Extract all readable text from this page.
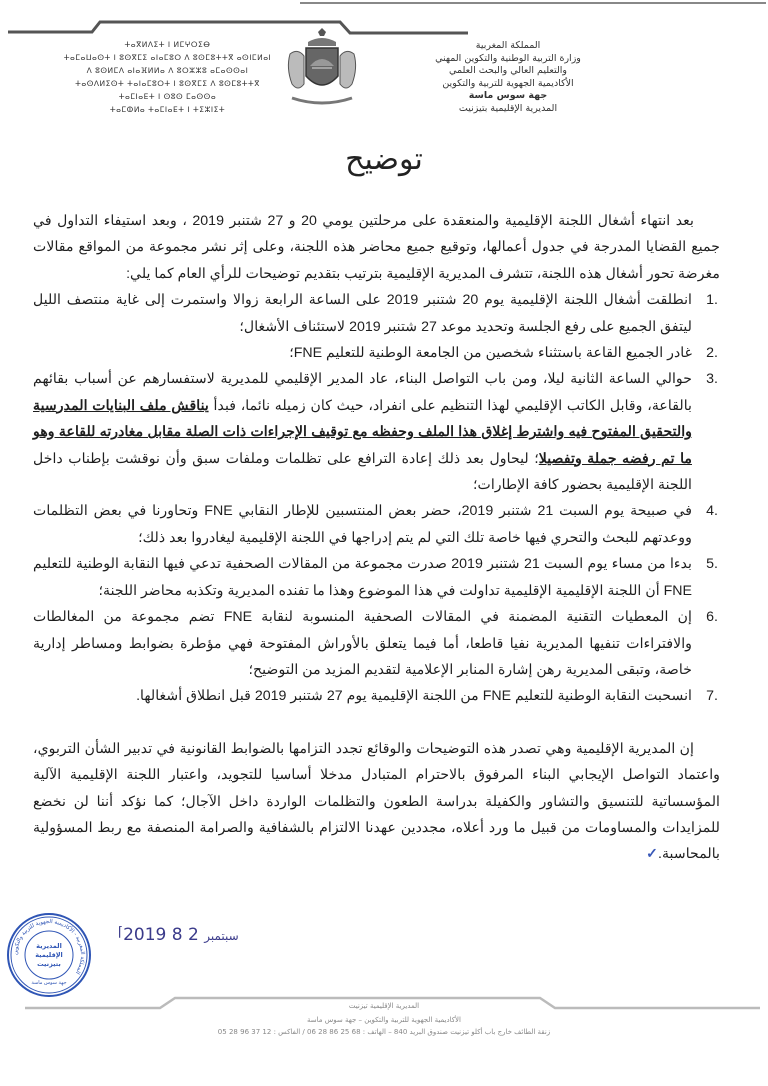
المملكة المغربية
وزارة التربية الوطنية والتكوين المهني
والتعليم العالي والبحث العلمي
الأكاديمية الجهوية للتربية والتكوين
جهة سوس ماسة
المديرية الإقليمية بتيزنيت
ⵜⴰⴳⵍⴷⵉⵜ ⵏ ⵍⵎⵖⵔⵉⴱ
ⵜⴰⵎⴰⵡⴰⵙⵜ ⵏ ⵓⵙⴳⵎⵉ ⴰⵏⴰⵎⵓⵔ ⴷ ⵓⵙⵎⵓⵜⵜⴳ ⴰⵙⵏⵎⵍⴰⵏ
ⴷ ⵓⵙⵍⵎⴷ ⴰⵏⴰⴼⵍⵍⴰ ⴷ ⵓⵔⵣⵣⵓ ⴰⵎⴰⵙⵙⴰⵏ
ⵜⴰⵙⴷⵍⵉⵙⵜ ⵜⴰⵏⴰⵎⵓⵔⵜ ⵏ ⵓⵙⴳⵎⵉ ⴷ ⵓⵙⵎⵓⵜⵜⴳ
ⵜⴰⵎⵏⴰⴹⵜ ⵏ ⵙⵓⵙ ⵎⴰⵙⵙⴰ
ⵜⴰⵎⵀⵍⴰ ⵜⴰⵎⵏⴰⴹⵜ ⵏ ⵜⵉⵣⵏⵉⵜ
توضيح

بعد انتهاء أشغال اللجنة الإقليمية والمنعقدة على مرحلتين يومي 20 و 27 شتنبر 2019 ، وبعد استيفاء التداول في جميع القضايا المدرجة في جدول أعمالها، وتوقيع جميع محاضر هذه اللجنة، وعلى إثر نشر مجموعة من المواقع مقالات مغرضة تحور أشغال هذه اللجنة، تتشرف المديرية الإقليمية بترتيب بتقديم توضيحات للرأي العام كما يلي:

.1
انطلقت أشغال اللجنة الإقليمية يوم 20 شتنبر 2019 على الساعة الرابعة زوالا واستمرت إلى غاية منتصف الليل ليتفق الجميع على رفع الجلسة وتحديد موعد 27 شتنبر 2019 لاستئناف الأشغال؛
.2
غادر الجميع القاعة باستثناء شخصين من الجامعة الوطنية للتعليم FNE؛
.3
حوالي الساعة الثانية ليلا، ومن باب التواصل البناء، عاد المدير الإقليمي للمديرية لاستفسارهم عن أسباب بقائهم بالقاعة، وقابل الكاتب الإقليمي لهذا التنظيم على انفراد، حيث كان زميله نائما، فبدأ يناقش ملف البنايات المدرسية والتحقيق المفتوح فيه واشترط إغلاق هذا الملف وحفظه مع توقيف الإجراءات ذات الصلة مقابل مغادرته للقاعة وهو ما تم رفضه جملة وتفصيلا؛ ليحاول بعد ذلك إعادة الترافع على تظلمات وملفات سبق وأن نوقشت بإطناب داخل اللجنة الإقليمية بحضور كافة الإطارات؛
.4
في صبيحة يوم السبت 21 شتنبر 2019، حضر بعض المنتسبين للإطار النقابي FNE وتحاورنا في بعض التظلمات ووعدتهم للبحث والتحري فيها خاصة تلك التي لم يتم إدراجها في اللجنة الإقليمية ليغادروا بعد ذلك؛
.5
بدءا من مساء يوم السبت 21 شتنبر 2019 صدرت مجموعة من المقالات الصحفية تدعي فيها النقابة الوطنية للتعليم FNE أن اللجنة الإقليمية الإقليمية تداولت في هذا الموضوع وهذا ما تفنده المديرية وتكذبه محاضر اللجنة؛
.6
إن المعطيات التقنية المضمنة في المقالات الصحفية المنسوبة لنقابة FNE تضم مجموعة من المغالطات والافتراءات تنفيها المديرية نفيا قاطعا، أما فيما يتعلق بالأوراش المفتوحة فهي مؤطرة بضوابط ومساطر إدارية خاصة، وتبقى المديرية رهن إشارة المنابر الإعلامية لتقديم المزيد من التوضيح؛
.7
انسحبت النقابة الوطنية للتعليم FNE من اللجنة الإقليمية يوم 27 شتنبر 2019 قبل انطلاق أشغالها.

إن المديرية الإقليمية وهي تصدر هذه التوضيحات والوقائع تجدد التزامها بالضوابط القانونية في تدبير الشأن التربوي، واعتماد التواصل الإيجابي البناء المرفوق بالاحترام المتبادل مدخلا أساسيا للتجويد، واعتبار اللجنة الإقليمية الآلية المؤسساتية للتنسيق والتشاور والكفيلة بدراسة الطعون والتظلمات الواردة داخل الآجال؛ كما نؤكد أننا لن نخضع للمزايدات والمساومات من قبيل ما ورد أعلاه، مجددين عهدنا الالتزام بالشفافية والصرامة المنصفة مع ربط المسؤولية بالمحاسبة.✓

المملكة المغربية - الأكاديمية الجهوية للتربية والتكوين
المديرية
الإقليمية
بتيزنيت
جهة سوس ماسة
⌈2019	سبتمبر 2 8
المديرية الإقليمية تيزنيت
الأكاديمية الجهوية للتربية والتكوين – جهة سوس ماسة
زنقة الطائف خارج باب أكلو تيزنيت صندوق البريد 840 – الهاتف : 68 25 86 28 06 / الفاكس : 12 37 96 28 05
